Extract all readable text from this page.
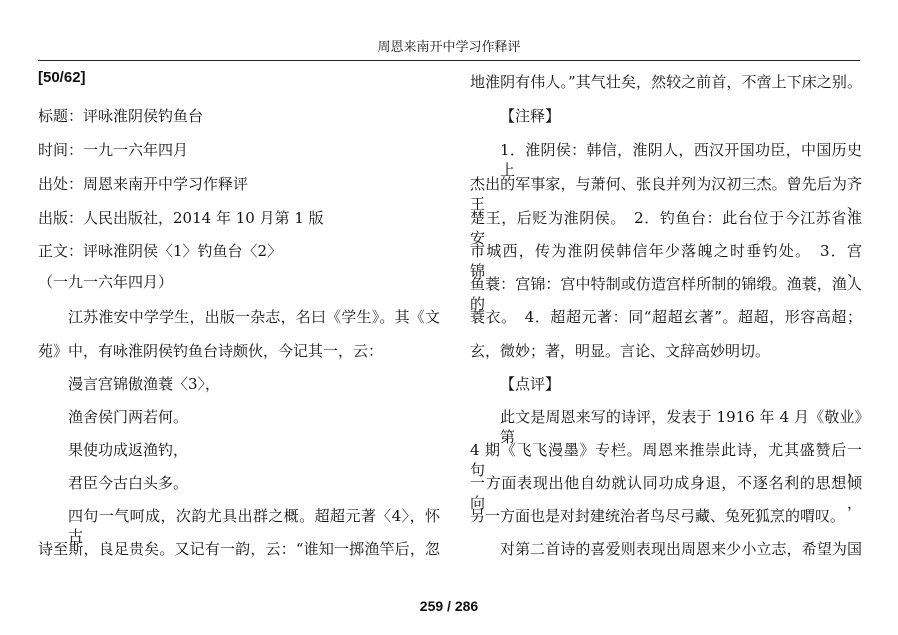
周恩来南开中学习作释评
[50/62]
标题：评咏淮阴侯钓鱼台
时间：一九一六年四月
出处：周恩来南开中学习作释评
出版：人民出版社，2014 年 10 月第 1 版
正文：评咏淮阴侯〈1〉钓鱼台〈2〉
（一九一六年四月）
江苏淮安中学学生，出版一杂志，名曰《学生》。其《文
苑》中，有咏淮阴侯钓鱼台诗颇伙，今记其一，云：
漫言宫锦傲渔蓑〈3〉，
渔舍侯门两若何。
果使功成返渔钓，
君臣今古白头多。
四句一气呵成，次韵尤具出群之概。超超元著〈4〉，怀古
诗至斯，良足贵矣。又记有一韵，云：“谁知一掷渔竿后，忽
地淮阴有伟人。”其气壮矣，然较之前首，不啻上下床之别。
【注释】
1．淮阴侯：韩信，淮阴人，西汉开国功臣，中国历史上
杰出的军事家，与萧何、张良并列为汉初三杰。曾先后为齐王、
楚王，后贬为淮阴侯。　2．钓鱼台：此台位于今江苏省淮安
市城西，传为淮阴侯韩信年少落魄之时垂钓处。　3．宫锦、
鱼蓑：宫锦：宫中特制或仿造宫样所制的锦缎。渔蓑，渔人的
蓑衣。　4．超超元著：同“超超玄著”。超超，形容高超；
玄，微妙；著，明显。言论、文辞高妙明切。
【点评】
此文是周恩来写的诗评，发表于 1916 年 4 月《敬业》第
4 期《飞飞漫墨》专栏。周恩来推崇此诗，尤其盛赞后一句，
一方面表现出他自幼就认同功成身退，不逐名利的思想倾向，
另一方面也是对封建统治者鸟尽弓藏、兔死狐烹的喟叹。
对第二首诗的喜爱则表现出周恩来少小立志，希望为国
259 / 286
